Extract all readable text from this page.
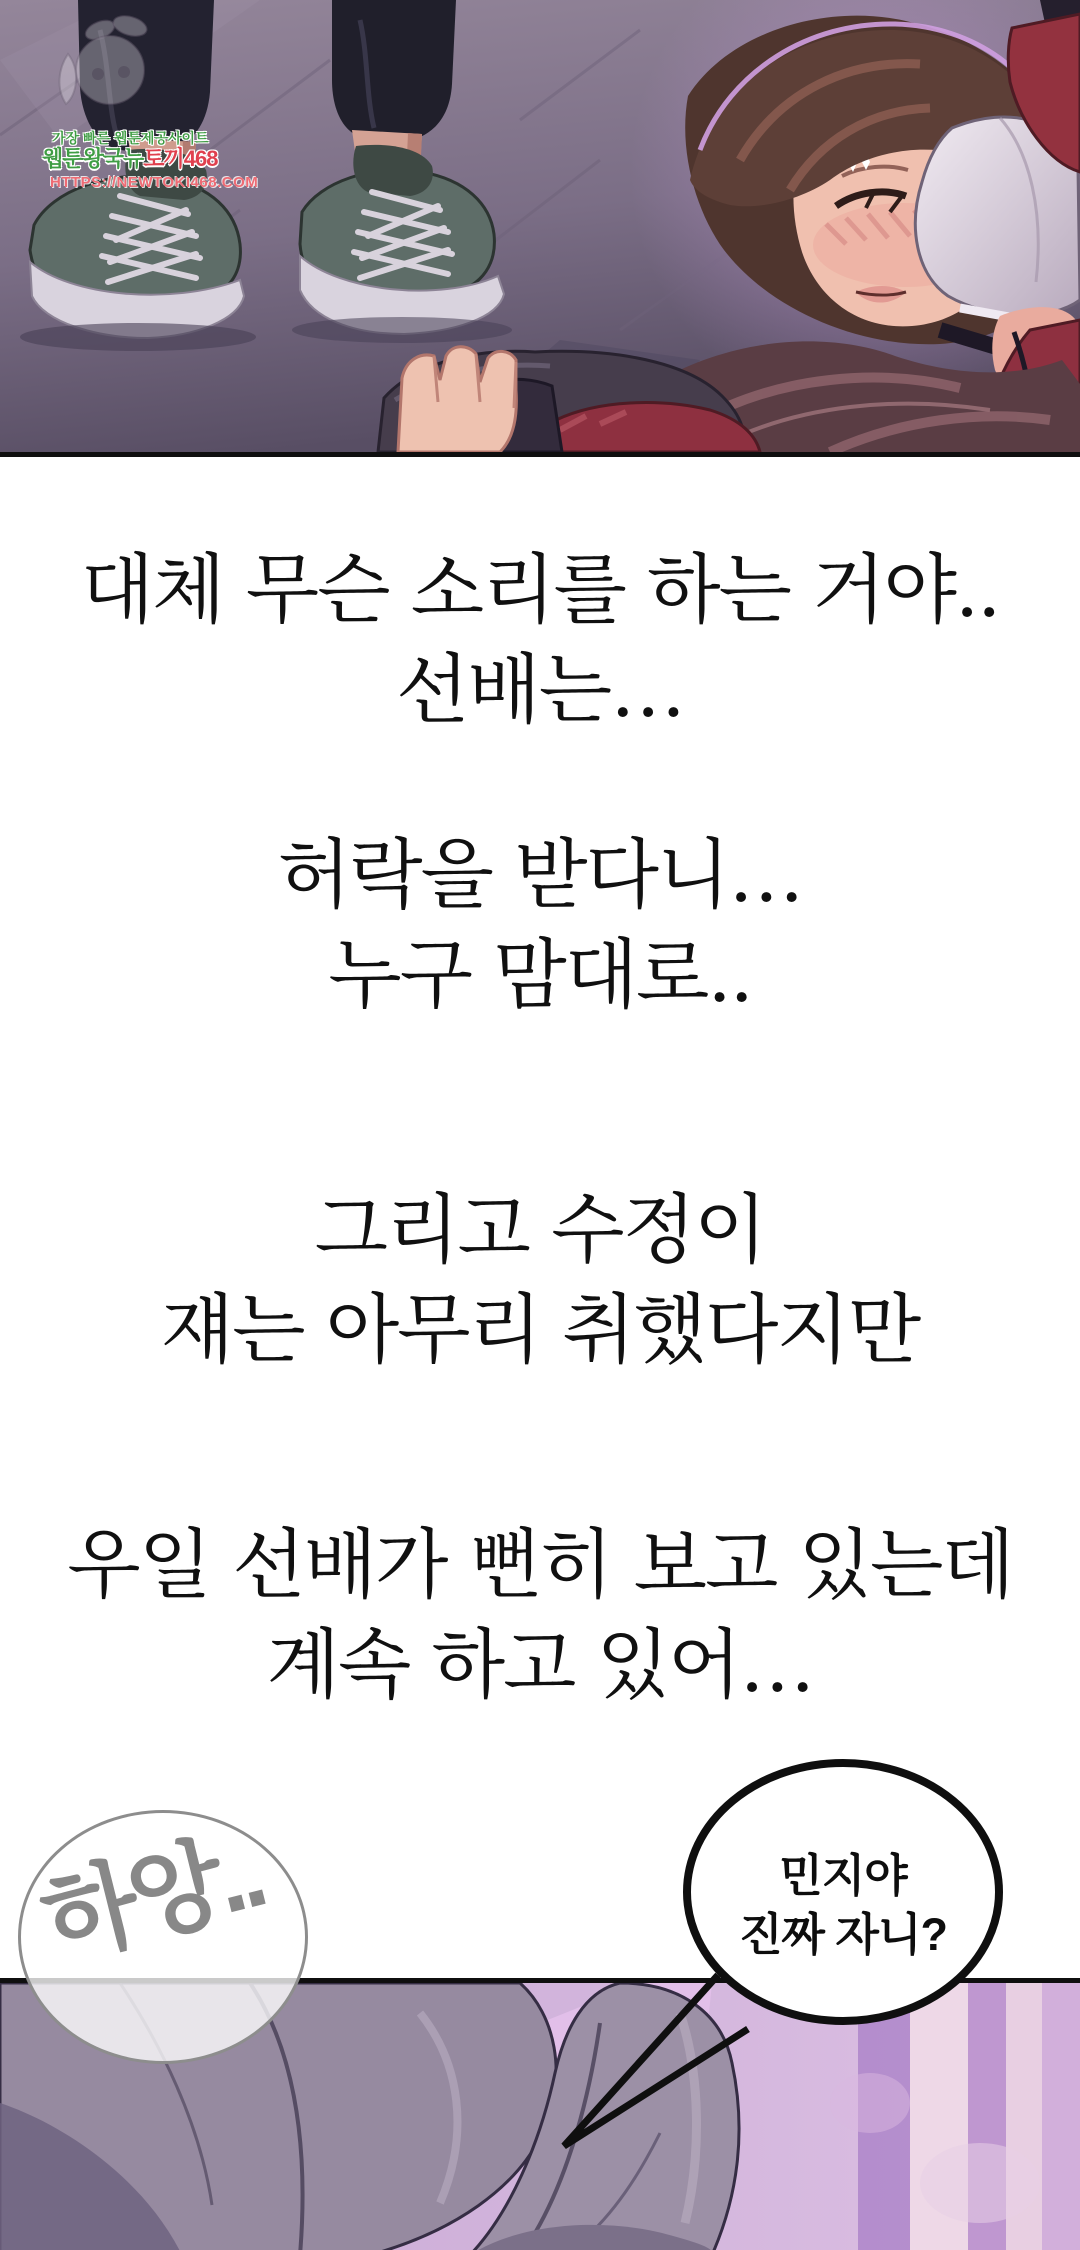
가장 빠른 웹툰제공사이트
웹툰왕국뉴토끼468
HTTPS://NEWTOKI468.COM
대체 무슨 소리를 하는 거야..
선배는…
허락을 받다니…
누구 맘대로..
그리고 수정이
쟤는 아무리 취했다지만
우일 선배가 뻔히 보고 있는데
계속 하고 있어…
하앙..	민지야
진짜 자니?
